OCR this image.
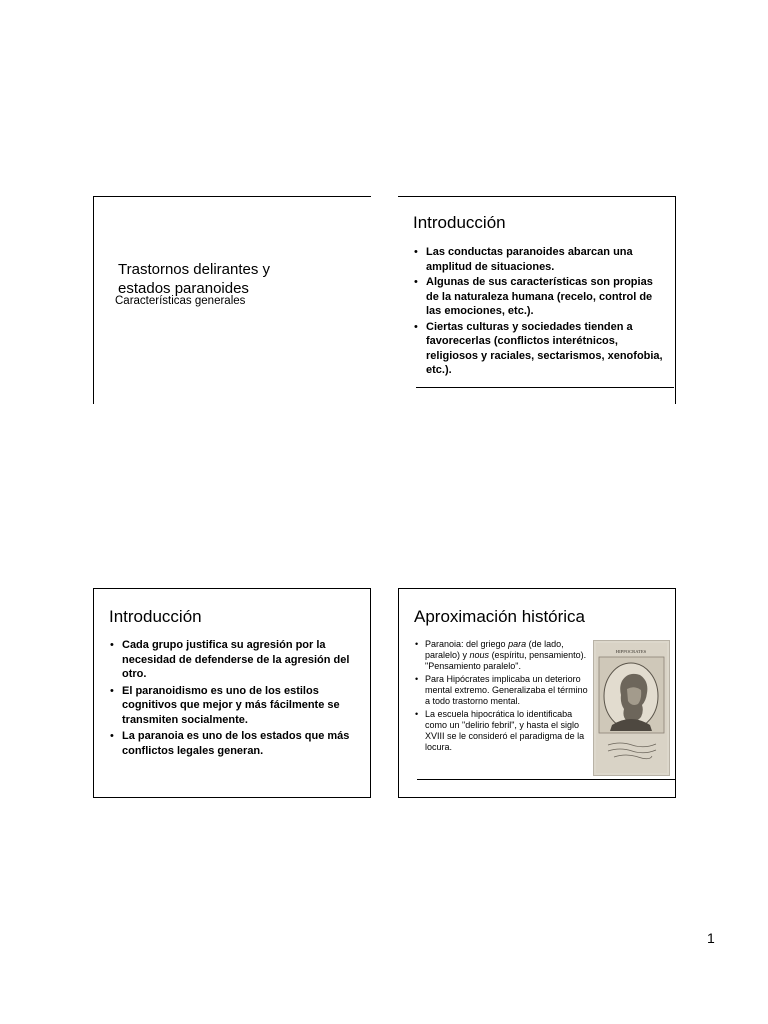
Trastornos delirantes y
estados paranoides
Características generales
Introducción
• Las conductas paranoides abarcan una amplitud de situaciones.
• Algunas de sus características son propias de la naturaleza humana (recelo, control de las emociones, etc.).
• Ciertas culturas y sociedades tienden a favorecerlas (conflictos interétnicos, religiosos y raciales, sectarismos, xenofobia, etc.).
Introducción
• Cada grupo justifica su agresión por la necesidad de defenderse de la agresión del otro.
• El paranoidismo es uno de los estilos cognitivos que mejor y más fácilmente se transmiten socialmente.
• La paranoia es uno de los estados que más conflictos legales generan.
Aproximación histórica
• Paranoia: del griego para (de lado, paralelo) y nous (espíritu, pensamiento). "Pensamiento paralelo".
• Para Hipócrates implicaba un deterioro mental extremo. Generalizaba el término a todo trastorno mental.
• La escuela hipocrática lo identificaba como un "delirio febril", y hasta el siglo XVIII se le consideró el paradigma de la locura.
HIPPOCRATES
1
